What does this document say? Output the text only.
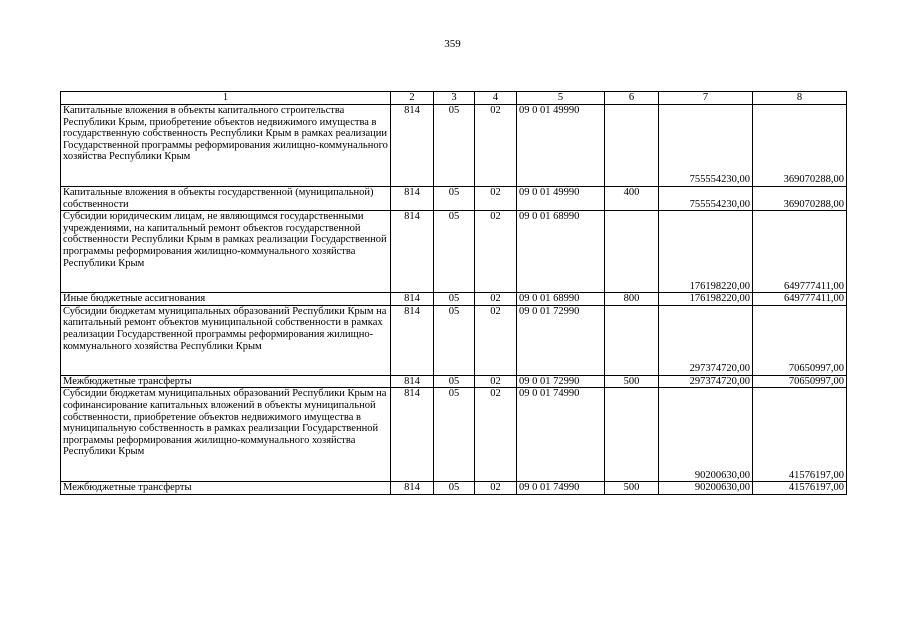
359
1	2	3	4	5	6	7	8
Капитальные вложения в объекты капитального строительства Республики Крым, приобретение объектов недвижимого имущества в государственную собственность Республики Крым в рамках реализации Государственной программы реформирования жилищно-коммунального хозяйства Республики Крым	814	05	02	09 0 01 49990		755554230,00	369070288,00
Капитальные вложения в объекты государственной (муниципальной) собственности	814	05	02	09 0 01 49990	400	755554230,00	369070288,00
Субсидии юридическим лицам, не являющимся государственными учреждениями, на капитальный ремонт объектов государственной собственности Республики Крым в рамках реализации Государственной программы реформирования жилищно-коммунального хозяйства Республики Крым	814	05	02	09 0 01 68990		176198220,00	649777411,00
Иные бюджетные ассигнования	814	05	02	09 0 01 68990	800	176198220,00	649777411,00
Субсидии бюджетам муниципальных образований Республики Крым на капитальный ремонт объектов муниципальной собственности в рамках реализации Государственной программы реформирования жилищно-коммунального хозяйства Республики Крым	814	05	02	09 0 01 72990		297374720,00	70650997,00
Межбюджетные трансферты	814	05	02	09 0 01 72990	500	297374720,00	70650997,00
Субсидии бюджетам муниципальных образований Республики Крым на софинансирование капитальных вложений в объекты муниципальной собственности, приобретение объектов недвижимого имущества в муниципальную собственность в рамках реализации Государственной программы реформирования жилищно-коммунального хозяйства Республики Крым	814	05	02	09 0 01 74990		90200630,00	41576197,00
Межбюджетные трансферты	814	05	02	09 0 01 74990	500	90200630,00	41576197,00
